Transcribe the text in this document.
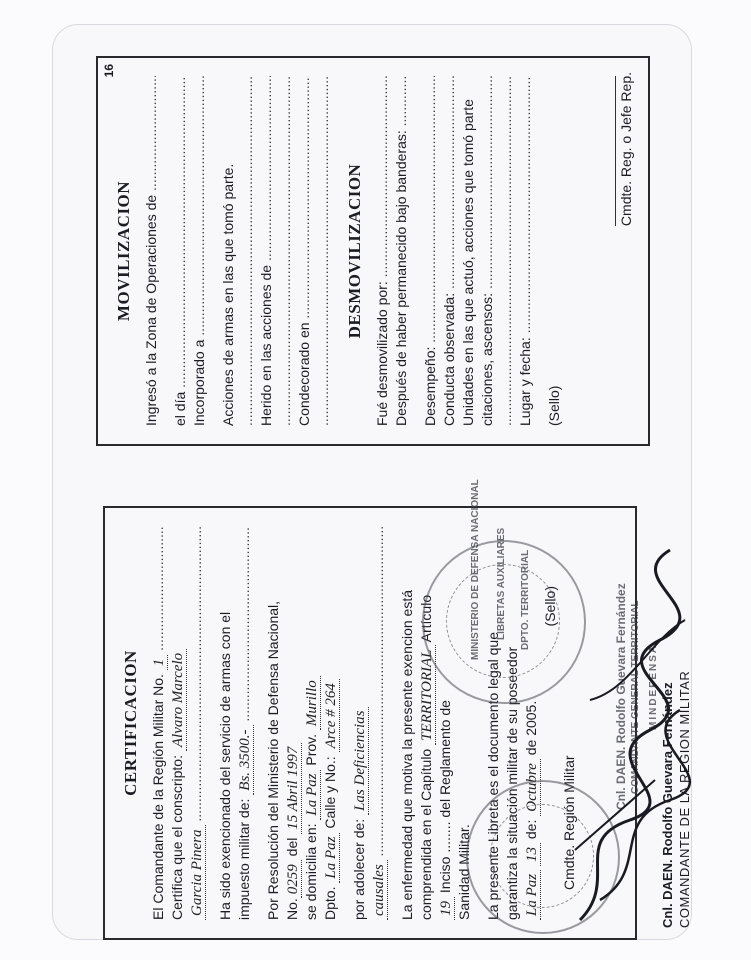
16
MOVILIZACION Ingresó a la Zona de Operaciones de ..... el día ..... Incorporado a ..... Acciones de armas en las que tomó parte. ..... Herido en las acciones de ..... ..... Condecorado en .....
.....
DESMOVILIZACION
Fué desmovilizado por: ..... Después de haber permanecido bajo banderas: ..... Desempeño: ..... Conducta observada: ..... Unidades en las que actuó, acciones que tomó parte citaciones, ascensos: ..... ..... Lugar y fecha: ..... (Sello)
Cmdte. Reg. o Jefe Rep.
CERTIFICACION El Comandante de la Región Militar No. 1 .....
Certifica que el conscripto: Alvaro Marcelo
Garcia Pinera ..... Ha sido exencionado del servicio de armas con el impuesto militar de: Bs. 3500.- ..... Por Resolución del Ministerio de Defensa Nacional, No.0259 del 15 Abril 1997
se domicilia en: La Paz Prov. Murillo
Dpto. La Paz Calle y No.: Arce # 264
por adolecer de: Las Deficiencias
causales ..... La enfermedad que motiva la presente exencion está comprendida en el Capítulo TERRITORIAL Artículo
19 Inciso ........ del Reglamento de
Sanidad Militar. La presente Libreta es el documento legal que garantiza la situación militar de su poseedor La Paz 13 de: Octubre de 2005.
(Sello)
Cmdte. Región Militar	Cnl. DAEN. Rodolfo Guevara Fernández COMANDANTE DE LA REGION MILITAR
Cnl. DAEN. Rodolfo Guevara Fernández COMANDANTE GENERAL TERRITORIAL MINDEFENSA
MINISTERIO DE DEFENSA NACIONAL LIBRETAS AUXILIARES DPTO. TERRITORIAL
